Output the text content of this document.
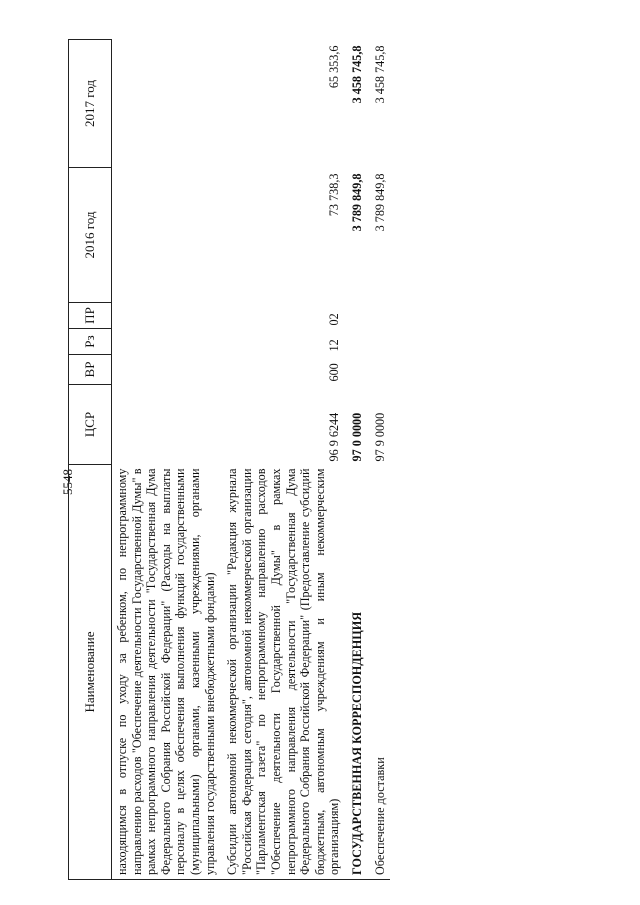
5548
Наименование	ЦСР	ВР	Рз	ПР	2016 год	2017 год
находящимся в отпуске по уходу за ребенком, по непрограммному направлению расходов "Обеспечение деятельности Государственной Думы" в рамках непрограммного направления деятельности "Государственная Дума Федерального Собрания Российской Федерации" (Расходы на выплаты персоналу в целях обеспечения выполнения функций государственными (муниципальными) органами, казенными учреждениями, органами управления государственными внебюджетными фондами)						
Субсидии автономной некоммерческой организации "Редакция журнала "Российская Федерация сегодня", автономной некоммерческой организации "Парламентская газета" по непрограммному направлению расходов "Обеспечение деятельности Государственной Думы" в рамках непрограммного направления деятельности "Государственная Дума Федерального Собрания Российской Федерации" (Предоставление субсидий бюджетным, автономным учреждениям и иным некоммерческим организациям)	96 9 6244	600	12	02	73 738,3	65 353,6
ГОСУДАРСТВЕННАЯ КОРРЕСПОНДЕНЦИЯ	97 0 0000				3 789 849,8	3 458 745,8
Обеспечение доставки	97 9 0000				3 789 849,8	3 458 745,8
